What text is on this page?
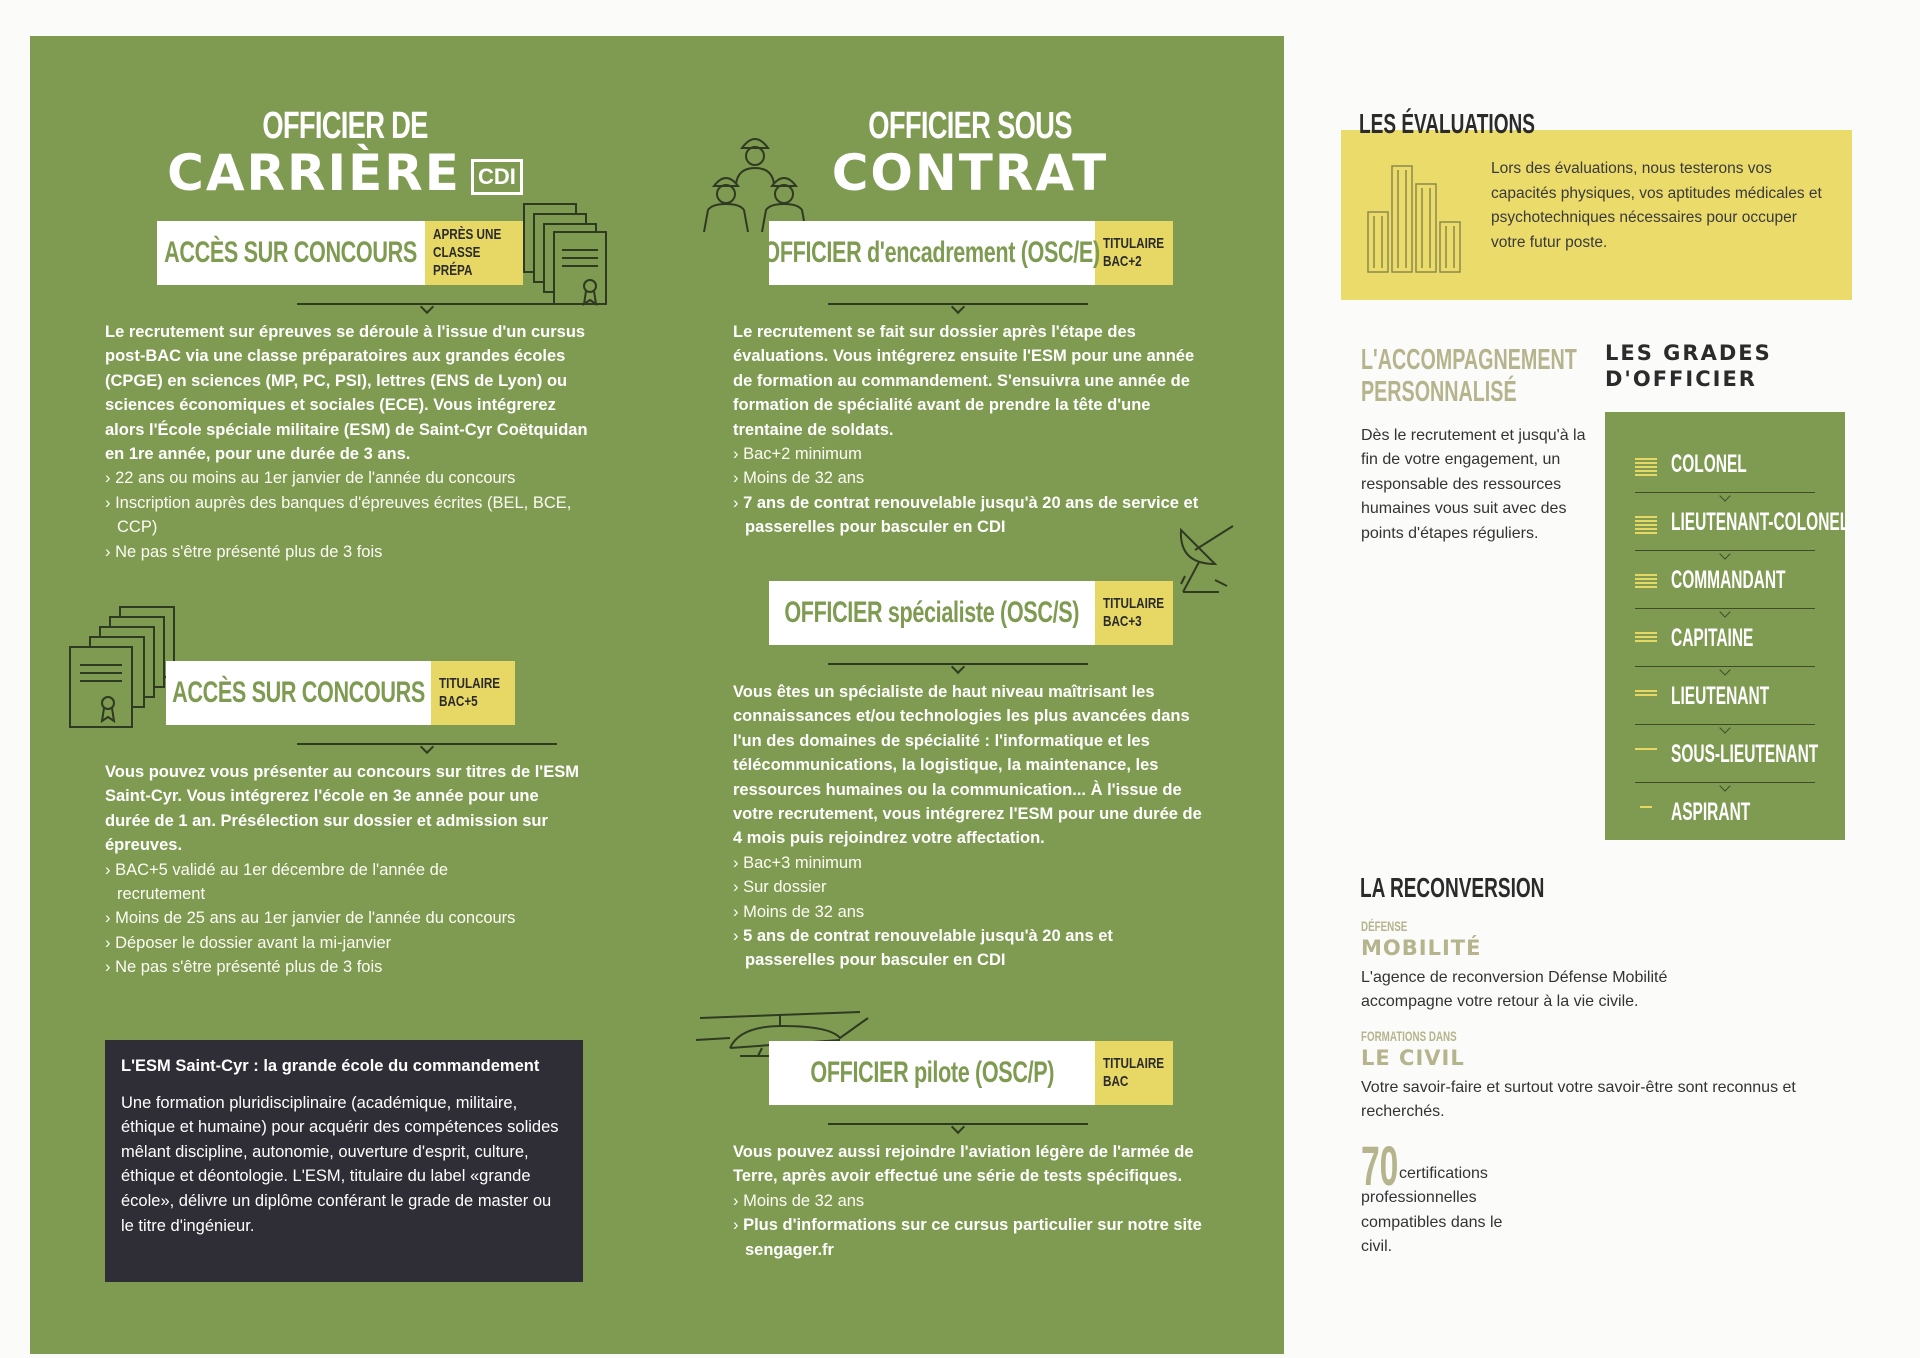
OFFICIER DE
CARRIÈRE CDI
ACCÈS SUR CONCOURS
APRÈS UNE
CLASSE PRÉPA
Le recrutement sur épreuves se déroule à l'issue d'un cursus post-BAC via une classe préparatoires aux grandes écoles (CPGE) en sciences (MP, PC, PSI), lettres (ENS de Lyon) ou sciences économiques et sociales (ECE). Vous intégrerez alors l'École spéciale militaire (ESM) de Saint-Cyr Coëtquidan en 1re année, pour une durée de 3 ans.
› 22 ans ou moins au 1er janvier de l'année du concours
› Inscription auprès des banques d'épreuves écrites (BEL, BCE, CCP)
› Ne pas s'être présenté plus de 3 fois
ACCÈS SUR CONCOURS TITULAIRE
BAC+5
Vous pouvez vous présenter au concours sur titres de l'ESM Saint-Cyr. Vous intégrerez l'école en 3e année pour une durée de 1 an. Présélection sur dossier et admission sur épreuves.
› BAC+5 validé au 1er décembre de l'année de recrutement
› Moins de 25 ans au 1er janvier de l'année du concours
› Déposer le dossier avant la mi-janvier
› Ne pas s'être présenté plus de 3 fois
L'ESM Saint-Cyr : la grande école du commandement
Une formation pluridisciplinaire (académique, militaire, éthique et humaine) pour acquérir des compétences solides mêlant discipline, autonomie, ouverture d'esprit, culture, éthique et déontologie. L'ESM, titulaire du label «grande école», délivre un diplôme conférant le grade de master ou le titre d'ingénieur.
OFFICIER SOUS
CONTRAT
OFFICIER d'encadrement (OSC/E) TITULAIRE
BAC+2
Le recrutement se fait sur dossier après l'étape des évaluations. Vous intégrerez ensuite l'ESM pour une année de formation au commandement. S'ensuivra une année de formation de spécialité avant de prendre la tête d'une trentaine de soldats.
› Bac+2 minimum
› Moins de 32 ans
› 7 ans de contrat renouvelable jusqu'à 20 ans de service et passerelles pour basculer en CDI
OFFICIER spécialiste (OSC/S) TITULAIRE
BAC+3
Vous êtes un spécialiste de haut niveau maîtrisant les connaissances et/ou technologies les plus avancées dans l'un des domaines de spécialité : l'informatique et les télécommunications, la logistique, la maintenance, les ressources humaines ou la communication... À l'issue de votre recrutement, vous intégrerez l'ESM pour une durée de 4 mois puis rejoindrez votre affectation.
› Bac+3 minimum
› Sur dossier
› Moins de 32 ans
› 5 ans de contrat renouvelable jusqu'à 20 ans et passerelles pour basculer en CDI
OFFICIER pilote (OSC/P)	TITULAIRE
BAC
Vous pouvez aussi rejoindre l'aviation légère de l'armée de Terre, après avoir effectué une série de tests spécifiques.
› Moins de 32 ans
› Plus d'informations sur ce cursus particulier sur notre site sengager.fr
LES ÉVALUATIONS
Lors des évaluations, nous testerons vos capacités physiques, vos aptitudes médicales et psychotechniques nécessaires pour occuper votre futur poste.
L'ACCOMPAGNEMENT
PERSONNALISÉ
Dès le recrutement et jusqu'à la fin de votre engagement, un responsable des ressources humaines vous suit avec des points d'étapes réguliers.
LES GRADES
D'OFFICIER
COLONEL
LIEUTENANT-COLONEL
COMMANDANT
CAPITAINE
LIEUTENANT
SOUS-LIEUTENANT
ASPIRANT
LA RECONVERSION
DÉFENSE
MOBILITÉ
L'agence de reconversion Défense Mobilité accompagne votre retour à la vie civile.
FORMATIONS DANS
LE CIVIL
Votre savoir-faire et surtout votre savoir-être sont reconnus et recherchés.
70 certifications professionnelles compatibles dans le civil.
